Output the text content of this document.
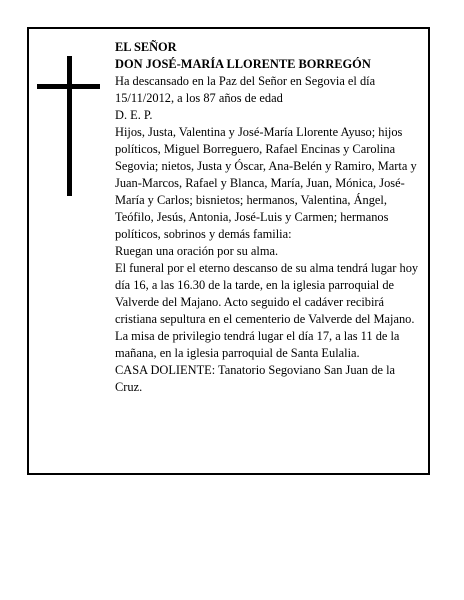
EL SEÑOR

DON JOSÉ-MARÍA LLORENTE BORREGÓN

Ha descansado en la Paz del Señor en Segovia el día 15/11/2012, a los 87 años de edad

D. E. P.

Hijos, Justa, Valentina y José-María Llorente Ayuso; hijos políticos, Miguel Borreguero, Rafael Encinas y Carolina Segovia; nietos, Justa y Óscar, Ana-Belén y Ramiro, Marta y Juan-Marcos, Rafael y Blanca, María, Juan, Mónica, José-María y Carlos; bisnietos; hermanos, Valentina, Ángel, Teófilo, Jesús, Antonia, José-Luis y Carmen; hermanos políticos, sobrinos y demás familia:

Ruegan una oración por su alma.

El funeral por el eterno descanso de su alma tendrá lugar hoy día 16, a las 16.30 de la tarde, en la iglesia parroquial de Valverde del Majano. Acto seguido el cadáver recibirá cristiana sepultura en el cementerio de Valverde del Majano. La misa de privilegio tendrá lugar el día 17, a las 11 de la mañana, en la iglesia parroquial de Santa Eulalia.

CASA DOLIENTE: Tanatorio Segoviano San Juan de la Cruz.
